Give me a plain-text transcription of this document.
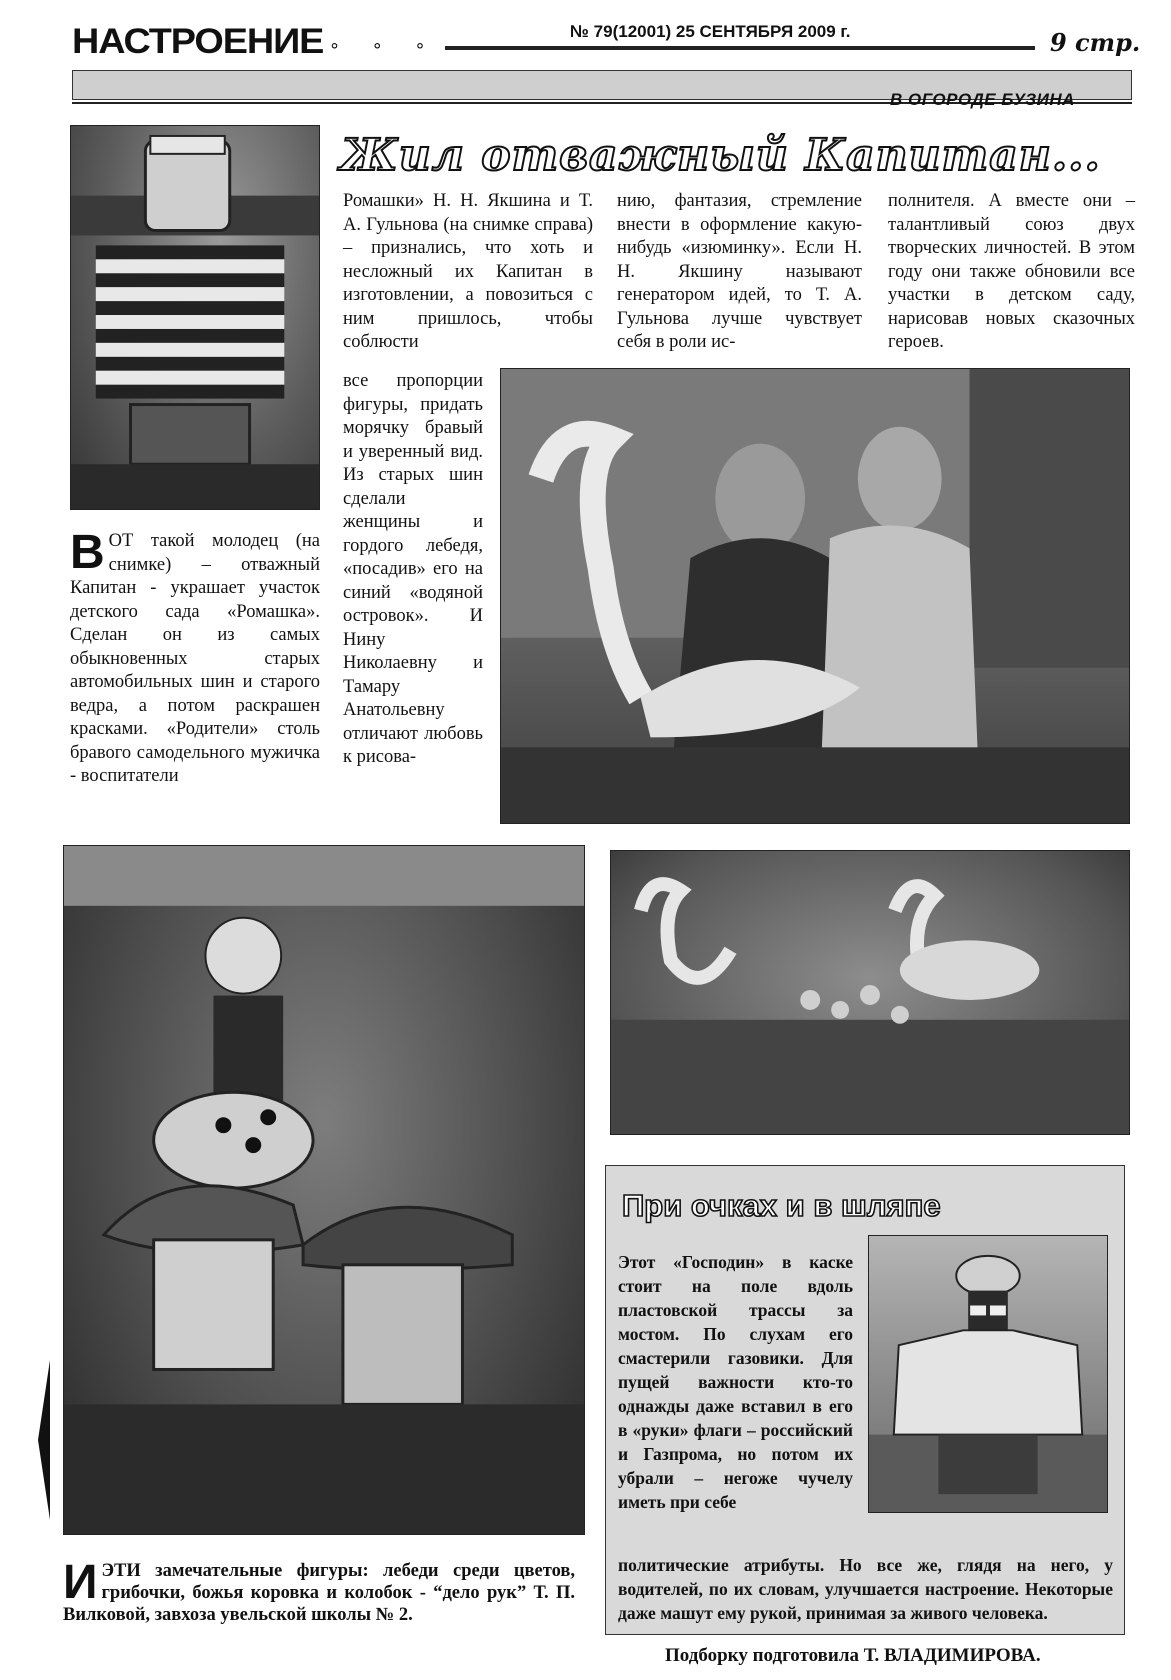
НАСТРОЕНИЕ ° ° °
№ 79(12001) 25 СЕНТЯБРЯ 2009 г.	9 стр.
В ОГОРОДЕ БУЗИНА
Жил отважный Капитан...
В ОТ такой молодец (на снимке) – отважный Капитан - украшает участок детского сада «Ромашка». Сделан он из самых обыкновенных старых автомобильных шин и старого ведра, а потом раскрашен красками. «Родители» столь бравого самодельного мужичка - воспитатели

Ромашки» Н. Н. Якшина и Т. А. Гульнова (на снимке справа) – признались, что хоть и несложный их Капитан в изготовлении, а повозиться с ним пришлось, чтобы соблюсти

все пропорции фигуры, придать морячку бравый и уверенный вид. Из старых шин сделали женщины и гордого лебедя, «посадив» его на синий «водяной островок». И Нину Николаевну и Тамару Анатольевну отличают любовь к рисова-

нию, фантазия, стремление внести в оформление какую-нибудь «изюминку». Если Н. Н. Якшину называют генератором идей, то Т. А. Гульнова лучше чувствует себя в роли ис-

полнителя. А вместе они – талантливый союз двух творческих личностей. В этом году они также обновили все участки в детском саду, нарисовав новых сказочных героев.

И ЭТИ замечательные фигуры: лебеди среди цветов, грибочки, божья коровка и колобок - “дело рук” Т. П. Вилковой, завхоза увельской школы № 2.
При очках и в шляпе

Этот «Господин» в каске стоит на поле вдоль пластовской трассы за мостом. По слухам его смастерили газовики. Для пущей важности кто-то однажды даже вставил в его в «руки» флаги – российский и Газпрома, но потом их убрали – негоже чучелу иметь при себе

политические атрибуты. Но все же, глядя на него, у водителей, по их словам, улучшается настроение. Некоторые даже машут ему рукой, принимая за живого человека.

Подборку подготовила Т. ВЛАДИМИРОВА.
